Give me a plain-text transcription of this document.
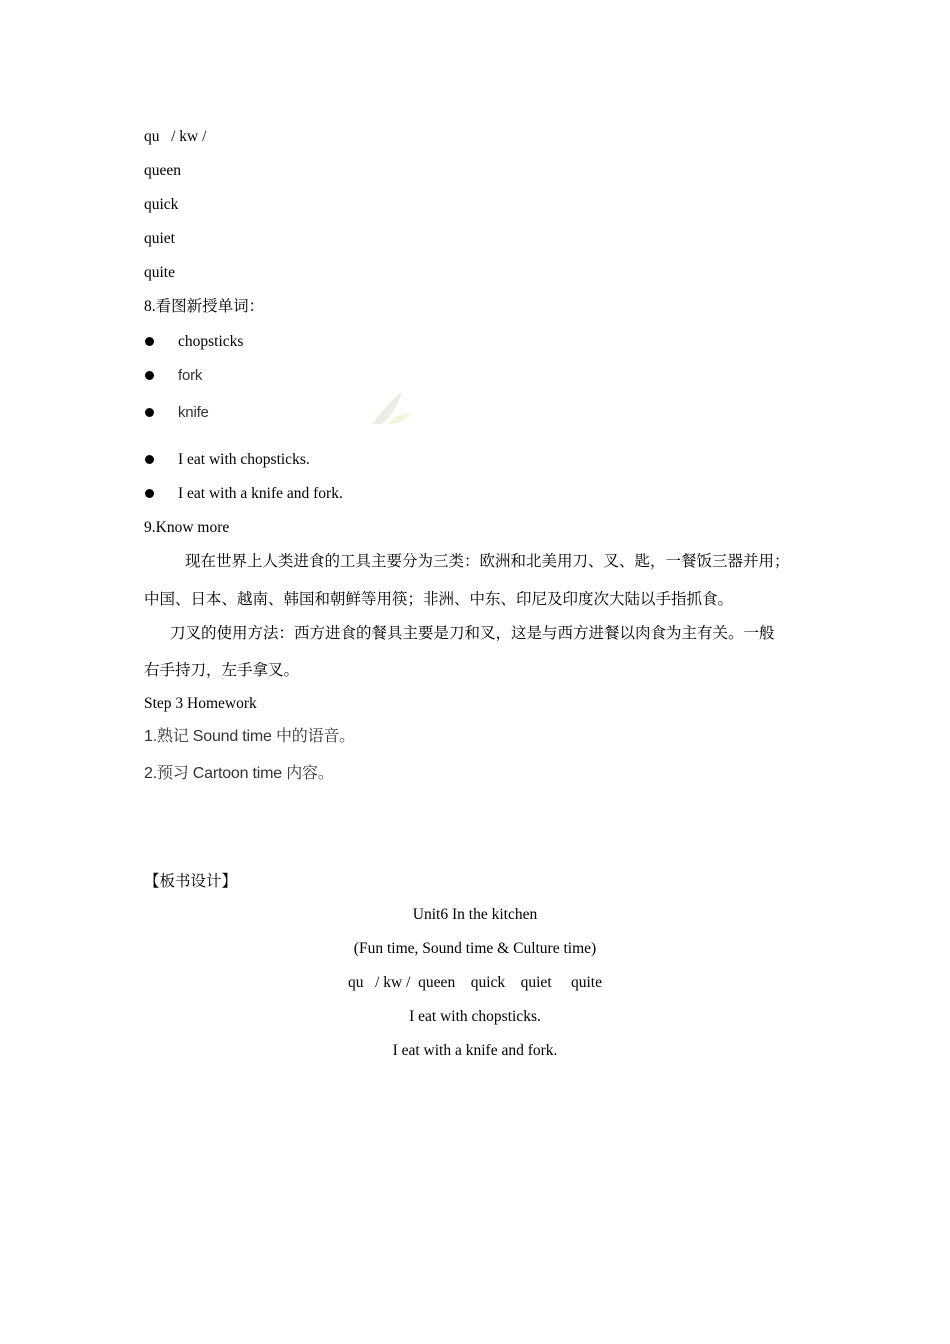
qu   / kw /
queen
quick
quiet
quite
8.看图新授单词：
chopsticks
fork
knife
I eat with chopsticks.
I eat with a knife and fork.
9.Know more
现在世界上人类进食的工具主要分为三类：欧洲和北美用刀、叉、匙，一餐饭三器并用；
中国、日本、越南、韩国和朝鲜等用筷；非洲、中东、印尼及印度次大陆以手指抓食。
刀叉的使用方法：西方进食的餐具主要是刀和叉，这是与西方进餐以肉食为主有关。一般
右手持刀，左手拿叉。
Step 3 Homework
1.熟记 Sound time 中的语音。
2.预习 Cartoon time 内容。
【板书设计】
Unit6 In the kitchen
(Fun time, Sound time & Culture time)
qu   / kw /  queen    quick    quiet     quite
I eat with chopsticks.
I eat with a knife and fork.
